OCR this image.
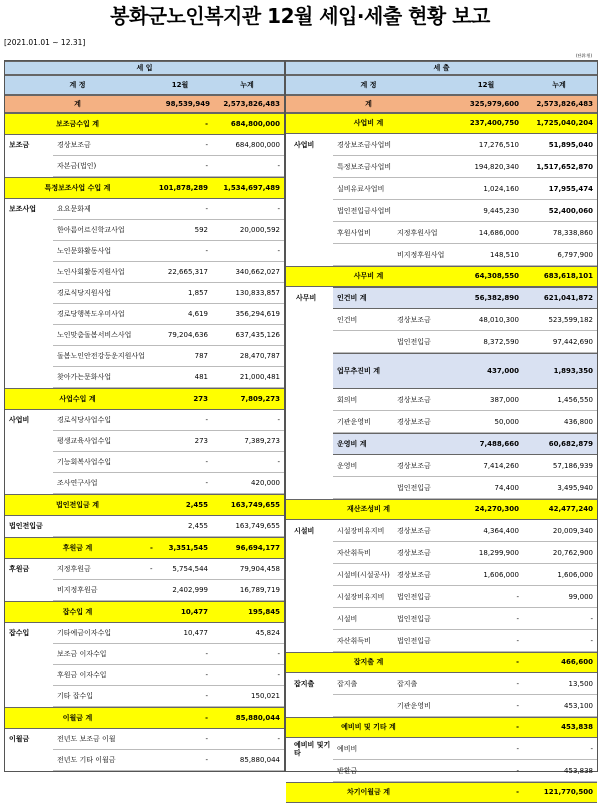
봉화군노인복지관 12월 세입·세출 현황 보고
[2021.01.01 ~ 12.31]
(단위:원)
세 입
계 정	12월	누계
계	98,539,949	2,573,826,483
보조금수입 계	-	684,800,000
보조금	경상보조금	-	684,800,000
자본금(법인)	-	-
특정보조사업 수입 계	101,878,289	1,534,697,489
보조사업	요요문화제	-	-
한아름어르신학교사업	592	20,000,592
노인문화활동사업	-	-
노인사회활동지원사업	22,665,317	340,662,027
경로식당지원사업	1,857	130,833,857
경로당행복도우미사업	4,619	356,294,619
노인맞춤돌봄서비스사업	79,204,636	637,435,126
돌봄노인안전강등운지원사업	787	28,470,787
찾아가는문화사업	481	21,000,481
사업수입 계	273	7,809,273
사업비	경로식당사업수입	-	-
평생교육사업수입	273	7,389,273
기능회복사업수입	-	-
조사연구사업	-	420,000
법인전입금 계	2,455	163,749,655
법인전입금	2,455	163,749,655
후원금 계	-	3,351,545	96,694,177
후원금	지정후원금	-	5,754,544	79,904,458
비지정후원금	2,402,999	16,789,719
잡수입 계	10,477	195,845
잡수입	기타예금이자수입	10,477	45,824
보조금 이자수입	-	-
후원금 이자수입	-	-
기타 잡수입	-	150,021
이월금 계	-	85,880,044
이월금	전년도 보조금 이월	-	-
전년도 기타 이월금	-	85,880,044
세 출
계 정	12월	누계
계	325,979,600	2,573,826,483
사업비 계	237,400,750	1,725,040,204
사업비	경상보조금사업비	17,276,510	51,895,040
특정보조금사업비	194,820,340	1,517,652,870
실비유료사업비	1,024,160	17,955,474
법인전입금사업비	9,445,230	52,400,060
후원사업비	지정후원사업	14,686,000	78,338,860
비지정후원사업	148,510	6,797,900
사무비 계	64,308,550	683,618,101
사무비	인건비 계	56,382,890	621,041,872
인건비	경상보조금	48,010,300	523,599,182
법인전입금	8,372,590	97,442,690
업무추진비 계	437,000	1,893,350
회의비	경상보조금	387,000	1,456,550
기관운영비	경상보조금	50,000	436,800
운영비 계	7,488,660	60,682,879
운영비	경상보조금	7,414,260	57,186,939
법인전입금	74,400	3,495,940
재산조성비 계	24,270,300	42,477,240
시설비	시설장비유지비	경상보조금	4,364,400	20,009,340
자산취득비	경상보조금	18,299,900	20,762,900
시설비(시설공사)	경상보조금	1,606,000	1,606,000
시설장비유지비	법인전입금	-	99,000
시설비	법인전입금	-	-
자산취득비	법인전입금	-	-
잡지출 계	-	466,600
잡지출	잡지출	잡지출	-	13,500
기관운영비	-	453,100
예비비 및 기타 계	-	453,838
예비비 및기타	예비비	-	-
반환금	-	453,838
차기이월금 계	-	121,770,500
